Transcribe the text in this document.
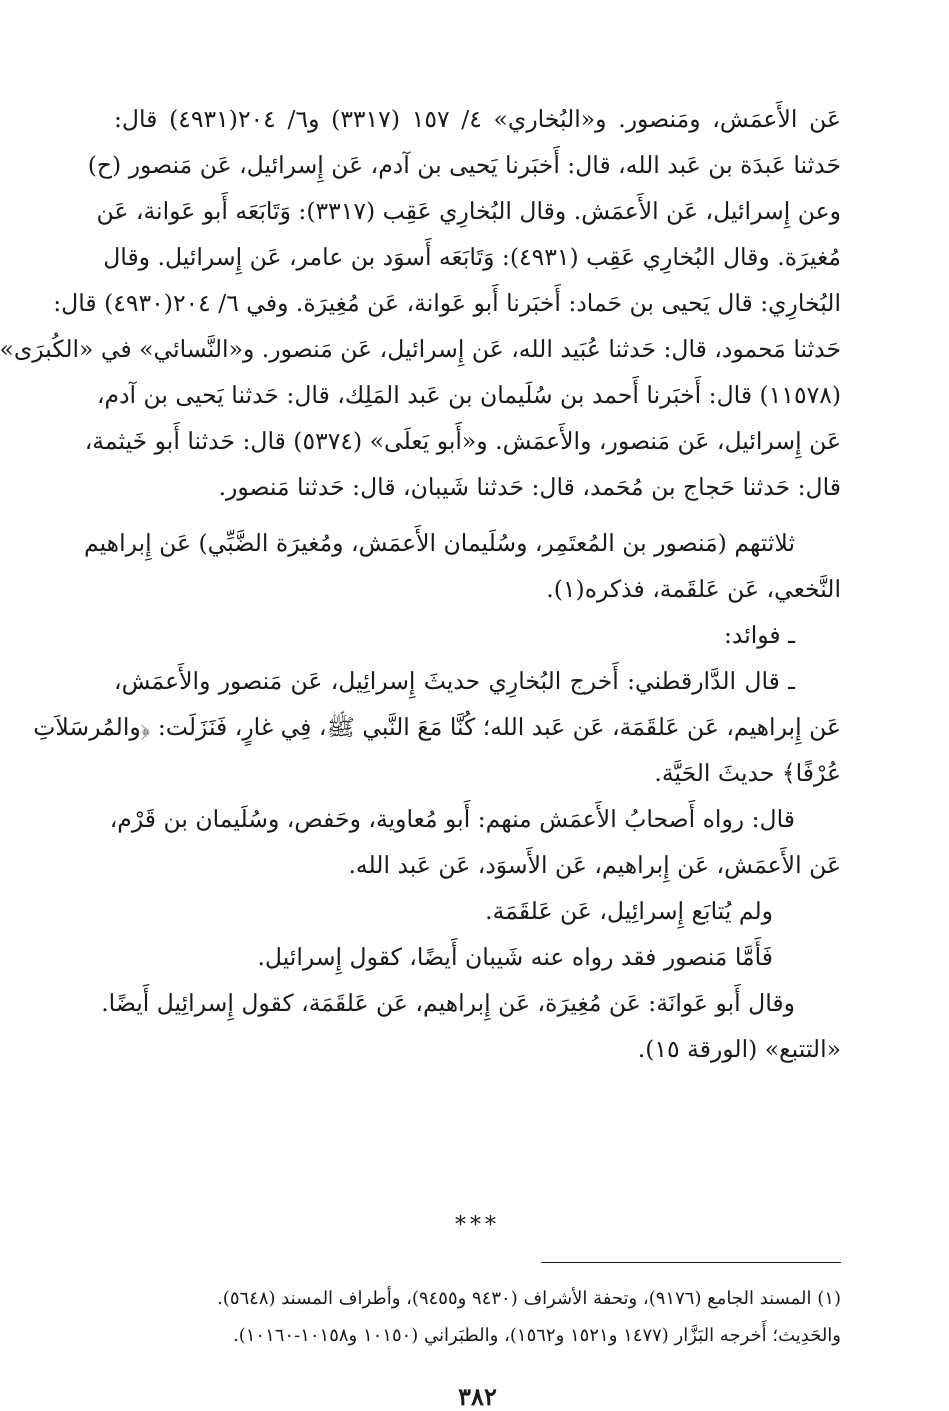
عَن الأَعمَش، ومَنصور. و«البُخاري» ٤/ ١٥٧ (٣٣١٧) و٦/ ٢٠٤(٤٩٣١) قال:
حَدثنا عَبدَة بن عَبد الله، قال: أَخبَرنا يَحيى بن آدم، عَن إِسرائيل، عَن مَنصور (ح)
وعن إِسرائيل، عَن الأَعمَش. وقال البُخارِي عَقِب (٣٣١٧): وَتَابَعَه أَبو عَوانة، عَن
مُغيرَة. وقال البُخارِي عَقِب (٤٩٣١): وَتَابَعَه أَسوَد بن عامر، عَن إِسرائيل. وقال
البُخارِي: قال يَحيى بن حَماد: أَخبَرنا أَبو عَوانة، عَن مُغِيرَة. وفي ٦/ ٢٠٤(٤٩٣٠) قال:
حَدثنا مَحمود، قال: حَدثنا عُبَيد الله، عَن إِسرائيل، عَن مَنصور. و«النَّسائي» في «الكُبرَى»
(١١٥٧٨) قال: أَخبَرنا أَحمد بن سُلَيمان بن عَبد المَلِك، قال: حَدثنا يَحيى بن آدم،
عَن إِسرائيل، عَن مَنصور، والأَعمَش. و«أَبو يَعلَى» (٥٣٧٤) قال: حَدثنا أَبو خَيثمة،
قال: حَدثنا حَجاج بن مُحَمد، قال: حَدثنا شَيبان، قال: حَدثنا مَنصور.
ثلاثتهم (مَنصور بن المُعتَمِر، وسُلَيمان الأَعمَش، ومُغيرَة الضَّبِّي) عَن إِبراهيم
النَّخعي، عَن عَلقَمة، فذكره(١).
ـ فوائد:
ـ قال الدَّارقطني: أَخرج البُخارِي حديثَ إِسرائِيل، عَن مَنصور والأَعمَش،
عَن إِبراهيم، عَن عَلقَمَة، عَن عَبد الله؛ كُنَّا مَعَ النَّبي ﷺ، فِي غارٍ، فَنَزَلَت: ﴿والمُرسَلاَتِ
عُرْفًا﴾ حديثَ الحَيَّة.
قال: رواه أَصحابُ الأَعمَش منهم: أَبو مُعاوية، وحَفص، وسُلَيمان بن قَرْم،
عَن الأَعمَش، عَن إِبراهيم، عَن الأَسوَد، عَن عَبد الله.
ولم يُتابَع إِسرائِيل، عَن عَلقَمَة.
فَأَمَّا مَنصور فقد رواه عنه شَيبان أَيضًا، كقول إِسرائيل.
وقال أَبو عَوانَة: عَن مُغِيرَة، عَن إِبراهيم، عَن عَلقَمَة، كقول إِسرائِيل أَيضًا.
«التتبع» (الورقة ١٥).
***
(١) المسند الجامع (٩١٧٦)، وتحفة الأشراف (٩٤٣٠ و٩٤٥٥)، وأطراف المسند (٥٦٤٨).
والحَدِيث؛ أَخرجه البَزَّار (١٤٧٧ و١٥٢١ و١٥٦٢)، والطبَراني (١٠١٥٠ و١٠١٥٨-١٠١٦٠).
٣٨٢
